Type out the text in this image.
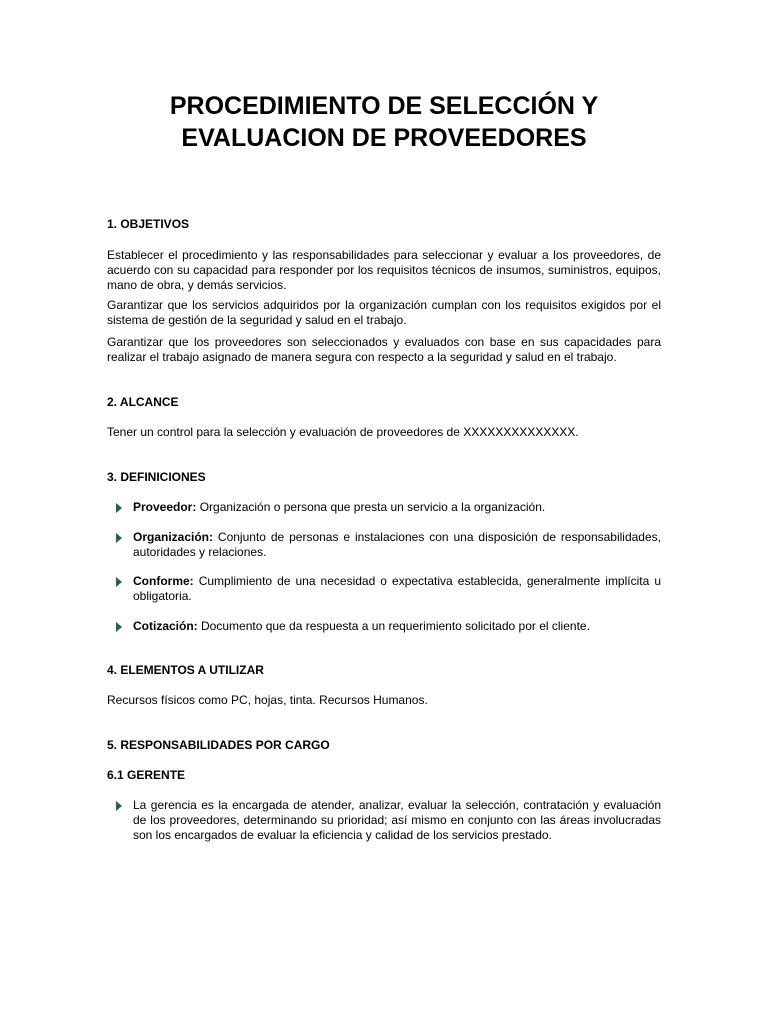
PROCEDIMIENTO DE SELECCIÓN Y
EVALUACION DE PROVEEDORES
1. OBJETIVOS

Establecer el procedimiento y las responsabilidades para seleccionar y evaluar a los proveedores, de acuerdo con su capacidad para responder por los requisitos técnicos de insumos, suministros, equipos, mano de obra, y demás servicios.

Garantizar que los servicios adquiridos por la organización cumplan con los requisitos exigidos por el sistema de gestión de la seguridad y salud en el trabajo.

Garantizar que los proveedores son seleccionados y evaluados con base en sus capacidades para realizar el trabajo asignado de manera segura con respecto a la seguridad y salud en el trabajo.

2. ALCANCE

Tener un control para la selección y evaluación de proveedores de XXXXXXXXXXXXXX.

3. DEFINICIONES
Proveedor: Organización o persona que presta un servicio a la organización.
Organización: Conjunto de personas e instalaciones con una disposición de responsabilidades, autoridades y relaciones.
Conforme: Cumplimiento de una necesidad o expectativa establecida, generalmente implícita u obligatoria.
Cotización: Documento que da respuesta a un requerimiento solicitado por el cliente.
4. ELEMENTOS A UTILIZAR

Recursos físicos como PC, hojas, tinta. Recursos Humanos.

5. RESPONSABILIDADES POR CARGO
6.1 GERENTE
La gerencia es la encargada de atender, analizar, evaluar la selección, contratación y evaluación de los proveedores, determinando su prioridad; así mismo en conjunto con las áreas involucradas son los encargados de evaluar la eficiencia y calidad de los servicios prestado.
